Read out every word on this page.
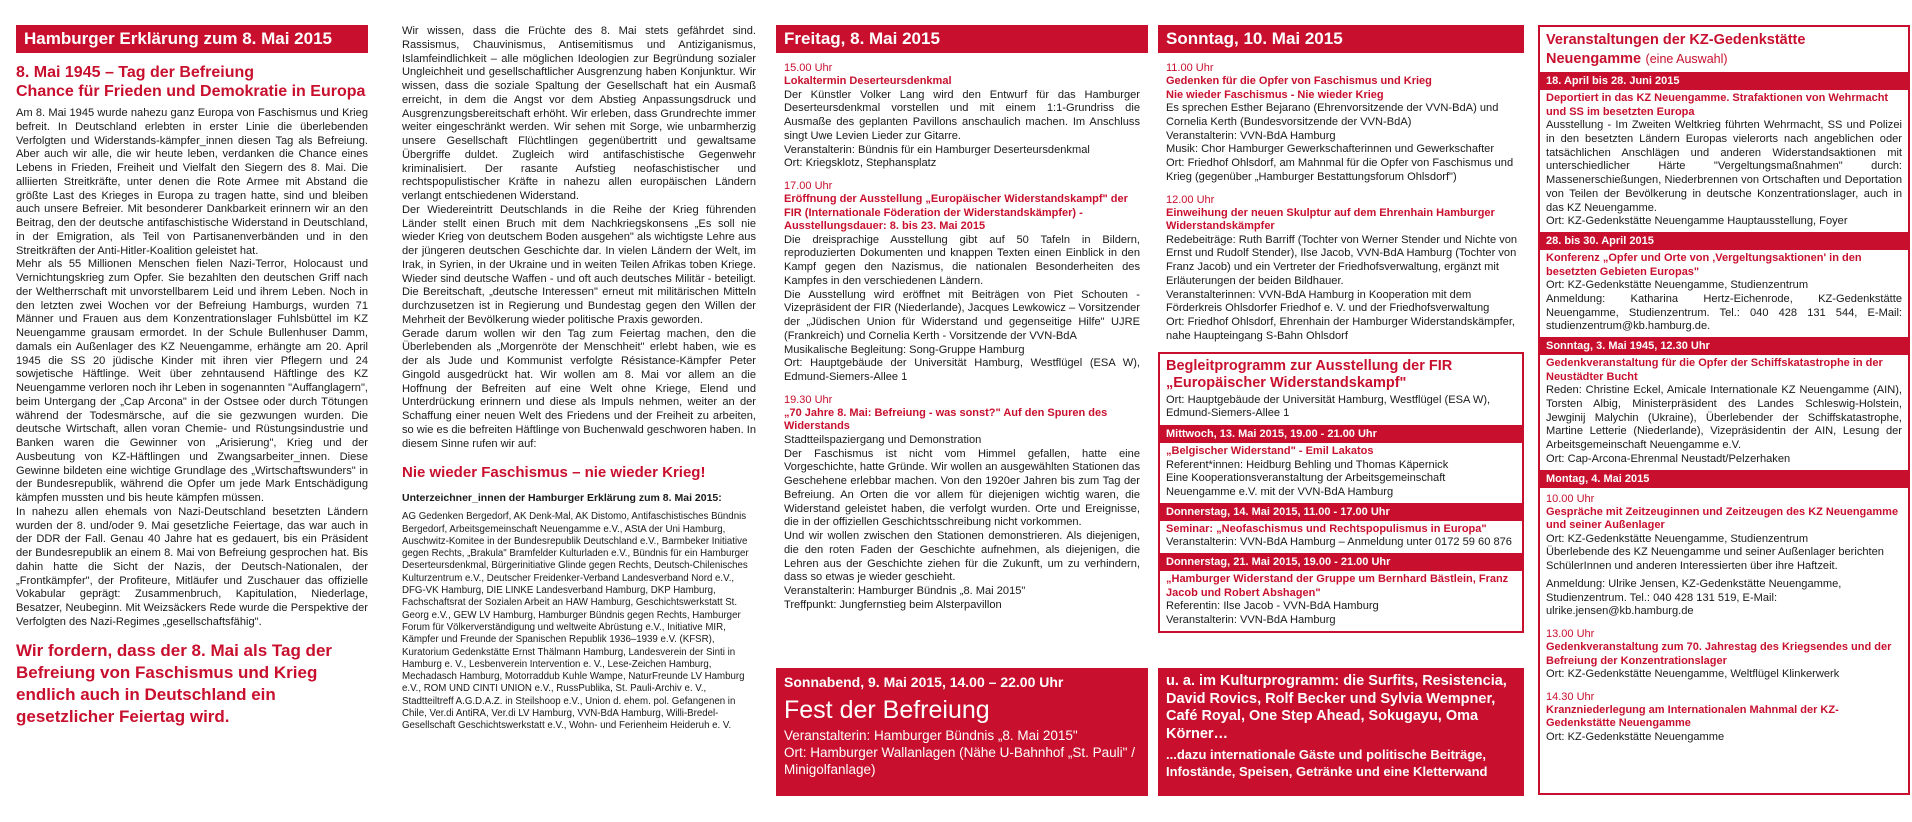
Hamburger Erklärung zum 8. Mai 2015
8. Mai 1945 – Tag der Befreiung
Chance für Frieden und Demokratie in Europa

Am 8. Mai 1945 wurde nahezu ganz Europa von Faschismus und Krieg befreit. In Deutschland erlebten in erster Linie die überlebenden Verfolgten und Widerstands-kämpfer_innen diesen Tag als Befreiung. Aber auch wir alle, die wir heute leben, verdanken die Chance eines Lebens in Frieden, Freiheit und Vielfalt den Siegern des 8. Mai. Die alliierten Streitkräfte, unter denen die Rote Armee mit Abstand die größte Last des Krieges in Europa zu tragen hatte, sind und bleiben auch unsere Befreier. Mit besonderer Dankbarkeit erinnern wir an den Beitrag, den der deutsche antifaschistische Widerstand in Deutschland, in der Emigration, als Teil von Partisanenverbänden und in den Streitkräften der Anti-Hitler-Koalition geleistet hat.

Mehr als 55 Millionen Menschen fielen Nazi-Terror, Holocaust und Vernichtungskrieg zum Opfer. Sie bezahlten den deutschen Griff nach der Weltherrschaft mit unvorstellbarem Leid und ihrem Leben. Noch in den letzten zwei Wochen vor der Befreiung Hamburgs, wurden 71 Männer und Frauen aus dem Konzentrationslager Fuhlsbüttel im KZ Neuengamme grausam ermordet. In der Schule Bullenhuser Damm, damals ein Außenlager des KZ Neuengamme, erhängte am 20. April 1945 die SS 20 jüdische Kinder mit ihren vier Pflegern und 24 sowjetische Häftlinge. Weit über zehntausend Häftlinge des KZ Neuengamme verloren noch ihr Leben in sogenannten "Auffanglagern", beim Untergang der „Cap Arcona" in der Ostsee oder durch Tötungen während der Todesmärsche, auf die sie gezwungen wurden. Die deutsche Wirtschaft, allen voran Chemie- und Rüstungsindustrie und Banken waren die Gewinner von „Arisierung", Krieg und der Ausbeutung von KZ-Häftlingen und Zwangsarbeiter_innen. Diese Gewinne bildeten eine wichtige Grundlage des „Wirtschaftswunders" in der Bundesrepublik, während die Opfer um jede Mark Entschädigung kämpfen mussten und bis heute kämpfen müssen.

In nahezu allen ehemals von Nazi-Deutschland besetzten Ländern wurden der 8. und/oder 9. Mai gesetzliche Feiertage, das war auch in der DDR der Fall. Genau 40 Jahre hat es gedauert, bis ein Präsident der Bundesrepublik an einem 8. Mai von Befreiung gesprochen hat. Bis dahin hatte die Sicht der Nazis, der Deutsch-Nationalen, der „Frontkämpfer", der Profiteure, Mitläufer und Zuschauer das offizielle Vokabular geprägt: Zusammenbruch, Kapitulation, Niederlage, Besatzer, Neubeginn. Mit Weizsäckers Rede wurde die Perspektive der Verfolgten des Nazi-Regimes „gesellschaftsfähig".

Wir fordern, dass der 8. Mai als Tag der Befreiung von Faschismus und Krieg endlich auch in Deutschland ein gesetzlicher Feiertag wird.

Wir wissen, dass die Früchte des 8. Mai stets gefährdet sind. Rassismus, Chauvinismus, Antisemitismus und Antiziganismus, Islamfeindlichkeit – alle möglichen Ideologien zur Begründung sozialer Ungleichheit und gesellschaftlicher Ausgrenzung haben Konjunktur. Wir wissen, dass die soziale Spaltung der Gesellschaft hat ein Ausmaß erreicht, in dem die Angst vor dem Abstieg Anpassungsdruck und Ausgrenzungsbereitschaft erhöht. Wir erleben, dass Grundrechte immer weiter eingeschränkt werden. Wir sehen mit Sorge, wie unbarmherzig unsere Gesellschaft Flüchtlingen gegenübertritt und gewaltsame Übergriffe duldet. Zugleich wird antifaschistische Gegenwehr kriminalisiert. Der rasante Aufstieg neofaschistischer und rechtspopulistischer Kräfte in nahezu allen europäischen Ländern verlangt entschiedenen Widerstand.

Der Wiedereintritt Deutschlands in die Reihe der Krieg führenden Länder stellt einen Bruch mit dem Nachkriegskonsens „Es soll nie wieder Krieg von deutschem Boden ausgehen" als wichtigste Lehre aus der jüngeren deutschen Geschichte dar. In vielen Ländern der Welt, im Irak, in Syrien, in der Ukraine und in weiten Teilen Afrikas toben Kriege. Wieder sind deutsche Waffen - und oft auch deutsches Militär - beteiligt. Die Bereitschaft, „deutsche Interessen" erneut mit militärischen Mitteln durchzusetzen ist in Regierung und Bundestag gegen den Willen der Mehrheit der Bevölkerung wieder politische Praxis geworden.

Gerade darum wollen wir den Tag zum Feiertag machen, den die Überlebenden als „Morgenröte der Menschheit" erlebt haben, wie es der als Jude und Kommunist verfolgte Résistance-Kämpfer Peter Gingold ausgedrückt hat. Wir wollen am 8. Mai vor allem an die Hoffnung der Befreiten auf eine Welt ohne Kriege, Elend und Unterdrückung erinnern und diese als Impuls nehmen, weiter an der Schaffung einer neuen Welt des Friedens und der Freiheit zu arbeiten, so wie es die befreiten Häftlinge von Buchenwald geschworen haben. In diesem Sinne rufen wir auf:

Nie wieder Faschismus – nie wieder Krieg!
Unterzeichner_innen der Hamburger Erklärung zum 8. Mai 2015:

AG Gedenken Bergedorf, AK Denk-Mal, AK Distomo, Antifaschistisches Bündnis Bergedorf, Arbeitsgemeinschaft Neuengamme e.V., AStA der Uni Hamburg, Auschwitz-Komitee in der Bundesrepublik Deutschland e.V., Barmbeker Initiative gegen Rechts, „Brakula" Bramfelder Kulturladen e.V., Bündnis für ein Hamburger Deserteursdenkmal, Bürgerinitiative Glinde gegen Rechts, Deutsch-Chilenisches Kulturzentrum e.V., Deutscher Freidenker-Verband Landesverband Nord e.V., DFG-VK Hamburg, DIE LINKE Landesverband Hamburg, DKP Hamburg, Fachschaftsrat der Sozialen Arbeit an HAW Hamburg, Geschichtswerkstatt St. Georg e.V., GEW LV Hamburg, Hamburger Bündnis gegen Rechts, Hamburger Forum für Völkerverständigung und weltweite Abrüstung e.V., Initiative MIR, Kämpfer und Freunde der Spanischen Republik 1936–1939 e.V. (KFSR), Kuratorium Gedenkstätte Ernst Thälmann Hamburg, Landesverein der Sinti in Hamburg e. V., Lesbenverein Intervention e. V., Lese-Zeichen Hamburg, Mechadasch Hamburg, Motorraddub Kuhle Wampe, NaturFreunde LV Hamburg e.V., ROM UND CINTI UNION e.V., RussPublika, St. Pauli-Archiv e. V., Stadtteiltreff A.G.D.A.Z. in Steilshoop e.V., Union d. ehem. pol. Gefangenen in Chile, Ver.di AntiRA, Ver.di LV Hamburg, VVN-BdA Hamburg, Willi-Bredel-Gesellschaft Geschichtswerkstatt e.V., Wohn- und Ferienheim Heideruh e. V.

Freitag, 8. Mai 2015
15.00 Uhr
Lokaltermin Deserteursdenkmal

Der Künstler Volker Lang wird den Entwurf für das Hamburger Deserteursdenkmal vorstellen und mit einem 1:1-Grundriss die Ausmaße des geplanten Pavillons anschaulich machen. Im Anschluss singt Uwe Levien Lieder zur Gitarre.

Veranstalterin: Bündnis für ein Hamburger Deserteursdenkmal

Ort: Kriegsklotz, Stephansplatz

17.00 Uhr
Eröffnung der Ausstellung „Europäischer Widerstandskampf" der FIR (Internationale Föderation der Widerstandskämpfer) - Ausstellungsdauer: 8. bis 23. Mai 2015

Die dreisprachige Ausstellung gibt auf 50 Tafeln in Bildern, reproduzierten Dokumenten und knappen Texten einen Einblick in den Kampf gegen den Nazismus, die nationalen Besonderheiten des Kampfes in den verschiedenen Ländern.

Die Ausstellung wird eröffnet mit Beiträgen von Piet Schouten - Vizepräsident der FIR (Niederlande), Jacques Lewkowicz – Vorsitzender der „Jüdischen Union für Widerstand und gegenseitige Hilfe" UJRE (Frankreich) und Cornelia Kerth - Vorsitzende der VVN-BdA

Musikalische Begleitung: Song-Gruppe Hamburg

Ort: Hauptgebäude der Universität Hamburg, Westflügel (ESA W), Edmund-Siemers-Allee 1

19.30 Uhr
„70 Jahre 8. Mai: Befreiung - was sonst?" Auf den Spuren des Widerstands

Stadtteilspaziergang und Demonstration

Der Faschismus ist nicht vom Himmel gefallen, hatte eine Vorgeschichte, hatte Gründe. Wir wollen an ausgewählten Stationen das Geschehene erlebbar machen. Von den 1920er Jahren bis zum Tag der Befreiung. An Orten die vor allem für diejenigen wichtig waren, die Widerstand geleistet haben, die verfolgt wurden. Orte und Ereignisse, die in der offiziellen Geschichtsschreibung nicht vorkommen.

Und wir wollen zwischen den Stationen demonstrieren. Als diejenigen, die den roten Faden der Geschichte aufnehmen, als diejenigen, die Lehren aus der Geschichte ziehen für die Zukunft, um zu verhindern, dass so etwas je wieder geschieht.

Veranstalterin: Hamburger Bündnis „8. Mai 2015"

Treffpunkt: Jungfernstieg beim Alsterpavillon

Sonnabend, 9. Mai 2015, 14.00 – 22.00 Uhr
Fest der Befreiung
Veranstalterin: Hamburger Bündnis „8. Mai 2015"
Ort: Hamburger Wallanlagen (Nähe U-Bahnhof „St. Pauli" / Minigolfanlage)
Sonntag, 10. Mai 2015
11.00 Uhr
Gedenken für die Opfer von Faschismus und Krieg
Nie wieder Faschismus - Nie wieder Krieg

Es sprechen Esther Bejarano (Ehrenvorsitzende der VVN-BdA) und Cornelia Kerth (Bundesvorsitzende der VVN-BdA)

Veranstalterin: VVN-BdA Hamburg

Musik: Chor Hamburger Gewerkschafterinnen und Gewerkschafter

Ort: Friedhof Ohlsdorf, am Mahnmal für die Opfer von Faschismus und Krieg (gegenüber „Hamburger Bestattungsforum Ohlsdorf")

12.00 Uhr
Einweihung der neuen Skulptur auf dem Ehrenhain Hamburger Widerstandskämpfer

Redebeiträge: Ruth Barriff (Tochter von Werner Stender und Nichte von Ernst und Rudolf Stender), Ilse Jacob, VVN-BdA Hamburg (Tochter von Franz Jacob) und ein Vertreter der Friedhofsverwaltung, ergänzt mit Erläuterungen der beiden Bildhauer.

Veranstalterinnen: VVN-BdA Hamburg in Kooperation mit dem Förderkreis Ohlsdorfer Friedhof e. V. und der Friedhofsverwaltung

Ort: Friedhof Ohlsdorf, Ehrenhain der Hamburger Widerstandskämpfer, nahe Haupteingang S-Bahn Ohlsdorf

Begleitprogramm zur Ausstellung der FIR
„Europäischer Widerstandskampf"

Ort: Hauptgebäude der Universität Hamburg, Westflügel (ESA W), Edmund-Siemers-Allee 1

Mittwoch, 13. Mai 2015, 19.00 - 21.00 Uhr
„Belgischer Widerstand" - Emil Lakatos

Referent*innen: Heidburg Behling und Thomas Käpernick

Eine Kooperationsveranstaltung der Arbeitsgemeinschaft Neuengamme e.V. mit der VVN-BdA Hamburg

Donnerstag, 14. Mai 2015, 11.00 - 17.00 Uhr
Seminar: „Neofaschismus und Rechtspopulismus in Europa"

Veranstalterin: VVN-BdA Hamburg – Anmeldung unter 0172 59 60 876

Donnerstag, 21. Mai 2015, 19.00 - 21.00 Uhr
„Hamburger Widerstand der Gruppe um Bernhard Bästlein, Franz Jacob und Robert Abshagen"

Referentin: Ilse Jacob - VVN-BdA Hamburg

Veranstalterin: VVN-BdA Hamburg

u. a. im Kulturprogramm: die Surfits, Resistencia, David Rovics, Rolf Becker und Sylvia Wempner, Café Royal, One Step Ahead, Sokugayu, Oma Körner…
...dazu internationale Gäste und politische Beiträge, Infostände, Speisen, Getränke und eine Kletterwand
Veranstaltungen der KZ-Gedenkstätte Neuengamme (eine Auswahl)
18. April bis 28. Juni 2015
Deportiert in das KZ Neuengamme. Strafaktionen von Wehrmacht und SS im besetzten Europa

Ausstellung - Im Zweiten Weltkrieg führten Wehrmacht, SS und Polizei in den besetzten Ländern Europas vielerorts nach angeblichen oder tatsächlichen Anschlägen und anderen Widerstandsaktionen mit unterschiedlicher Härte "Vergeltungsmaßnahmen" durch: Massenerschießungen, Niederbrennen von Ortschaften und Deportation von Teilen der Bevölkerung in deutsche Konzentrationslager, auch in das KZ Neuengamme.

Ort: KZ-Gedenkstätte Neuengamme Hauptausstellung, Foyer

28. bis 30. April 2015
Konferenz „Opfer und Orte von ‚Vergeltungsaktionen' in den besetzten Gebieten Europas"

Ort: KZ-Gedenkstätte Neuengamme, Studienzentrum

Anmeldung: Katharina Hertz-Eichenrode, KZ-Gedenkstätte Neuengamme, Studienzentrum. Tel.: 040 428 131 544, E-Mail: studienzentrum@kb.hamburg.de.

Sonntag, 3. Mai 1945, 12.30 Uhr
Gedenkveranstaltung für die Opfer der Schiffskatastrophe in der Neustädter Bucht

Reden: Christine Eckel, Amicale Internationale KZ Neuengamme (AIN), Torsten Albig, Ministerpräsident des Landes Schleswig-Holstein, Jewginij Malychin (Ukraine), Überlebender der Schiffskatastrophe, Martine Letterie (Niederlande), Vizepräsidentin der AIN, Lesung der Arbeitsgemeinschaft Neuengamme e.V.

Ort: Cap-Arcona-Ehrenmal Neustadt/Pelzerhaken

Montag, 4. Mai 2015
10.00 Uhr
Gespräche mit Zeitzeuginnen und Zeitzeugen des KZ Neuengamme und seiner Außenlager

Ort: KZ-Gedenkstätte Neuengamme, Studienzentrum

Überlebende des KZ Neuengamme und seiner Außenlager berichten SchülerInnen und anderen Interessierten über ihre Haftzeit.

Anmeldung: Ulrike Jensen, KZ-Gedenkstätte Neuengamme, Studienzentrum. Tel.: 040 428 131 519, E-Mail: ulrike.jensen@kb.hamburg.de

13.00 Uhr
Gedenkveranstaltung zum 70. Jahrestag des Kriegsendes und der Befreiung der Konzentrationslager

Ort: KZ-Gedenkstätte Neuengamme, Weltflügel Klinkerwerk

14.30 Uhr
Kranzniederlegung am Internationalen Mahnmal der KZ-Gedenkstätte Neuengamme

Ort: KZ-Gedenkstätte Neuengamme
